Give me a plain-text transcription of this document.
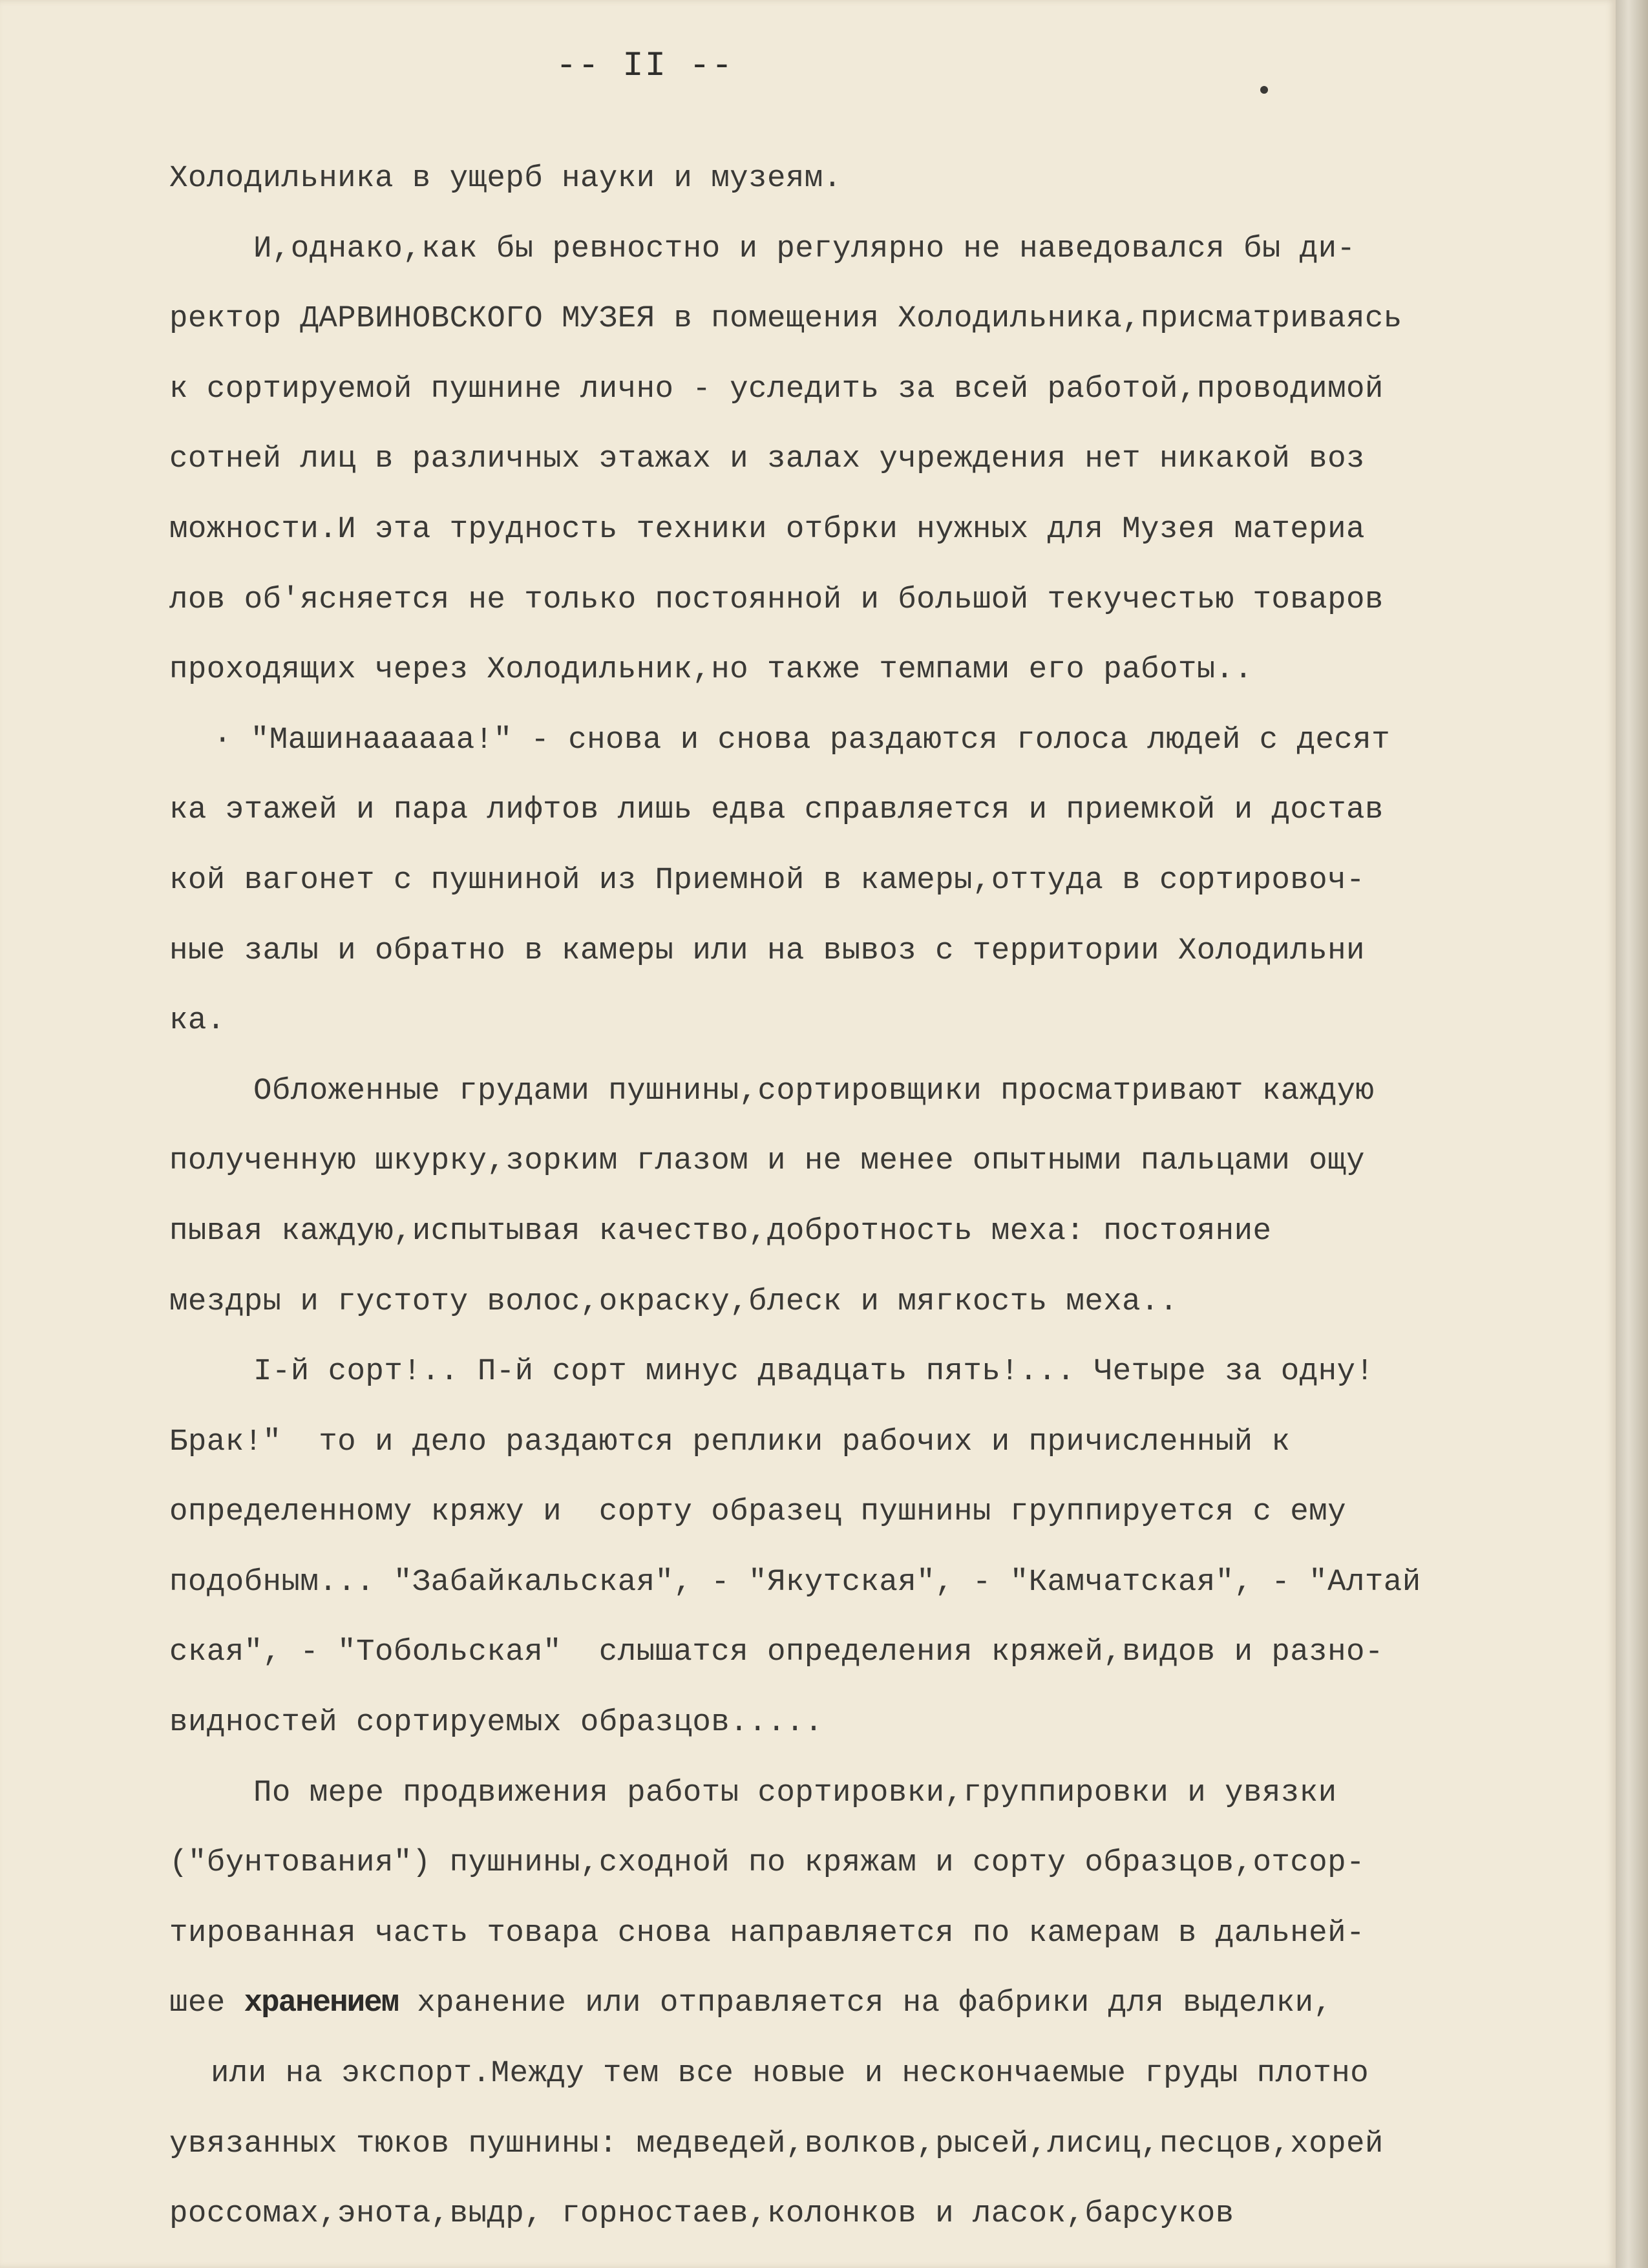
-- II --
Холодильника в ущерб науки и музеям.
И,однако,как бы ревностно и регулярно не наведовался бы ди-
ректор ДАРВИНОВСКОГО МУЗЕЯ в помещения Холодильника,присматриваясь
к сортируемой пушнине лично - уследить за всей работой,проводимой
сотней лиц в различных этажах и залах учреждения нет никакой воз
можности.И эта трудность техники отбрки нужных для Музея материа
лов об'ясняется не только постоянной и большой текучестью товаров
проходящих через Холодильник,но также темпами его работы..
· "Машинаааааа!" - снова и снова раздаются голоса людей с десят
ка этажей и пара лифтов лишь едва справляется и приемкой и достав
кой вагонет с пушниной из Приемной в камеры,оттуда в сортировоч-
ные залы и обратно в камеры или на вывоз с территории Холодильни
ка.
Обложенные грудами пушнины,сортировщики просматривают каждую
полученную шкурку,зорким глазом и не менее опытными пальцами ощу
пывая каждую,испытывая качество,добротность меха: постояние
мездры и густоту волос,окраску,блеск и мягкость меха..
I-й сорт!.. П-й сорт минус двадцать пять!... Четыре за одну!
Брак!"  то и дело раздаются реплики рабочих и причисленный к
определенному кряжу и  сорту образец пушнины группируется с ему
подобным... "Забайкальская", - "Якутская", - "Камчатская", - "Алтай
ская", - "Тобольская"  слышатся определения кряжей,видов и разно-
видностей сортируемых образцов.....
По мере продвижения работы сортировки,группировки и увязки
("бунтования") пушнины,сходной по кряжам и сорту образцов,отсор-
тированная часть товара снова направляется по камерам в дальней-
шее хранением хранение или отправляется на фабрики для выделки,
или на экспорт.Между тем все новые и нескончаемые груды плотно
увязанных тюков пушнины: медведей,волков,рысей,лисиц,песцов,хорей
россомах,энота,выдр, горностаев,колонков и ласок,барсуков
